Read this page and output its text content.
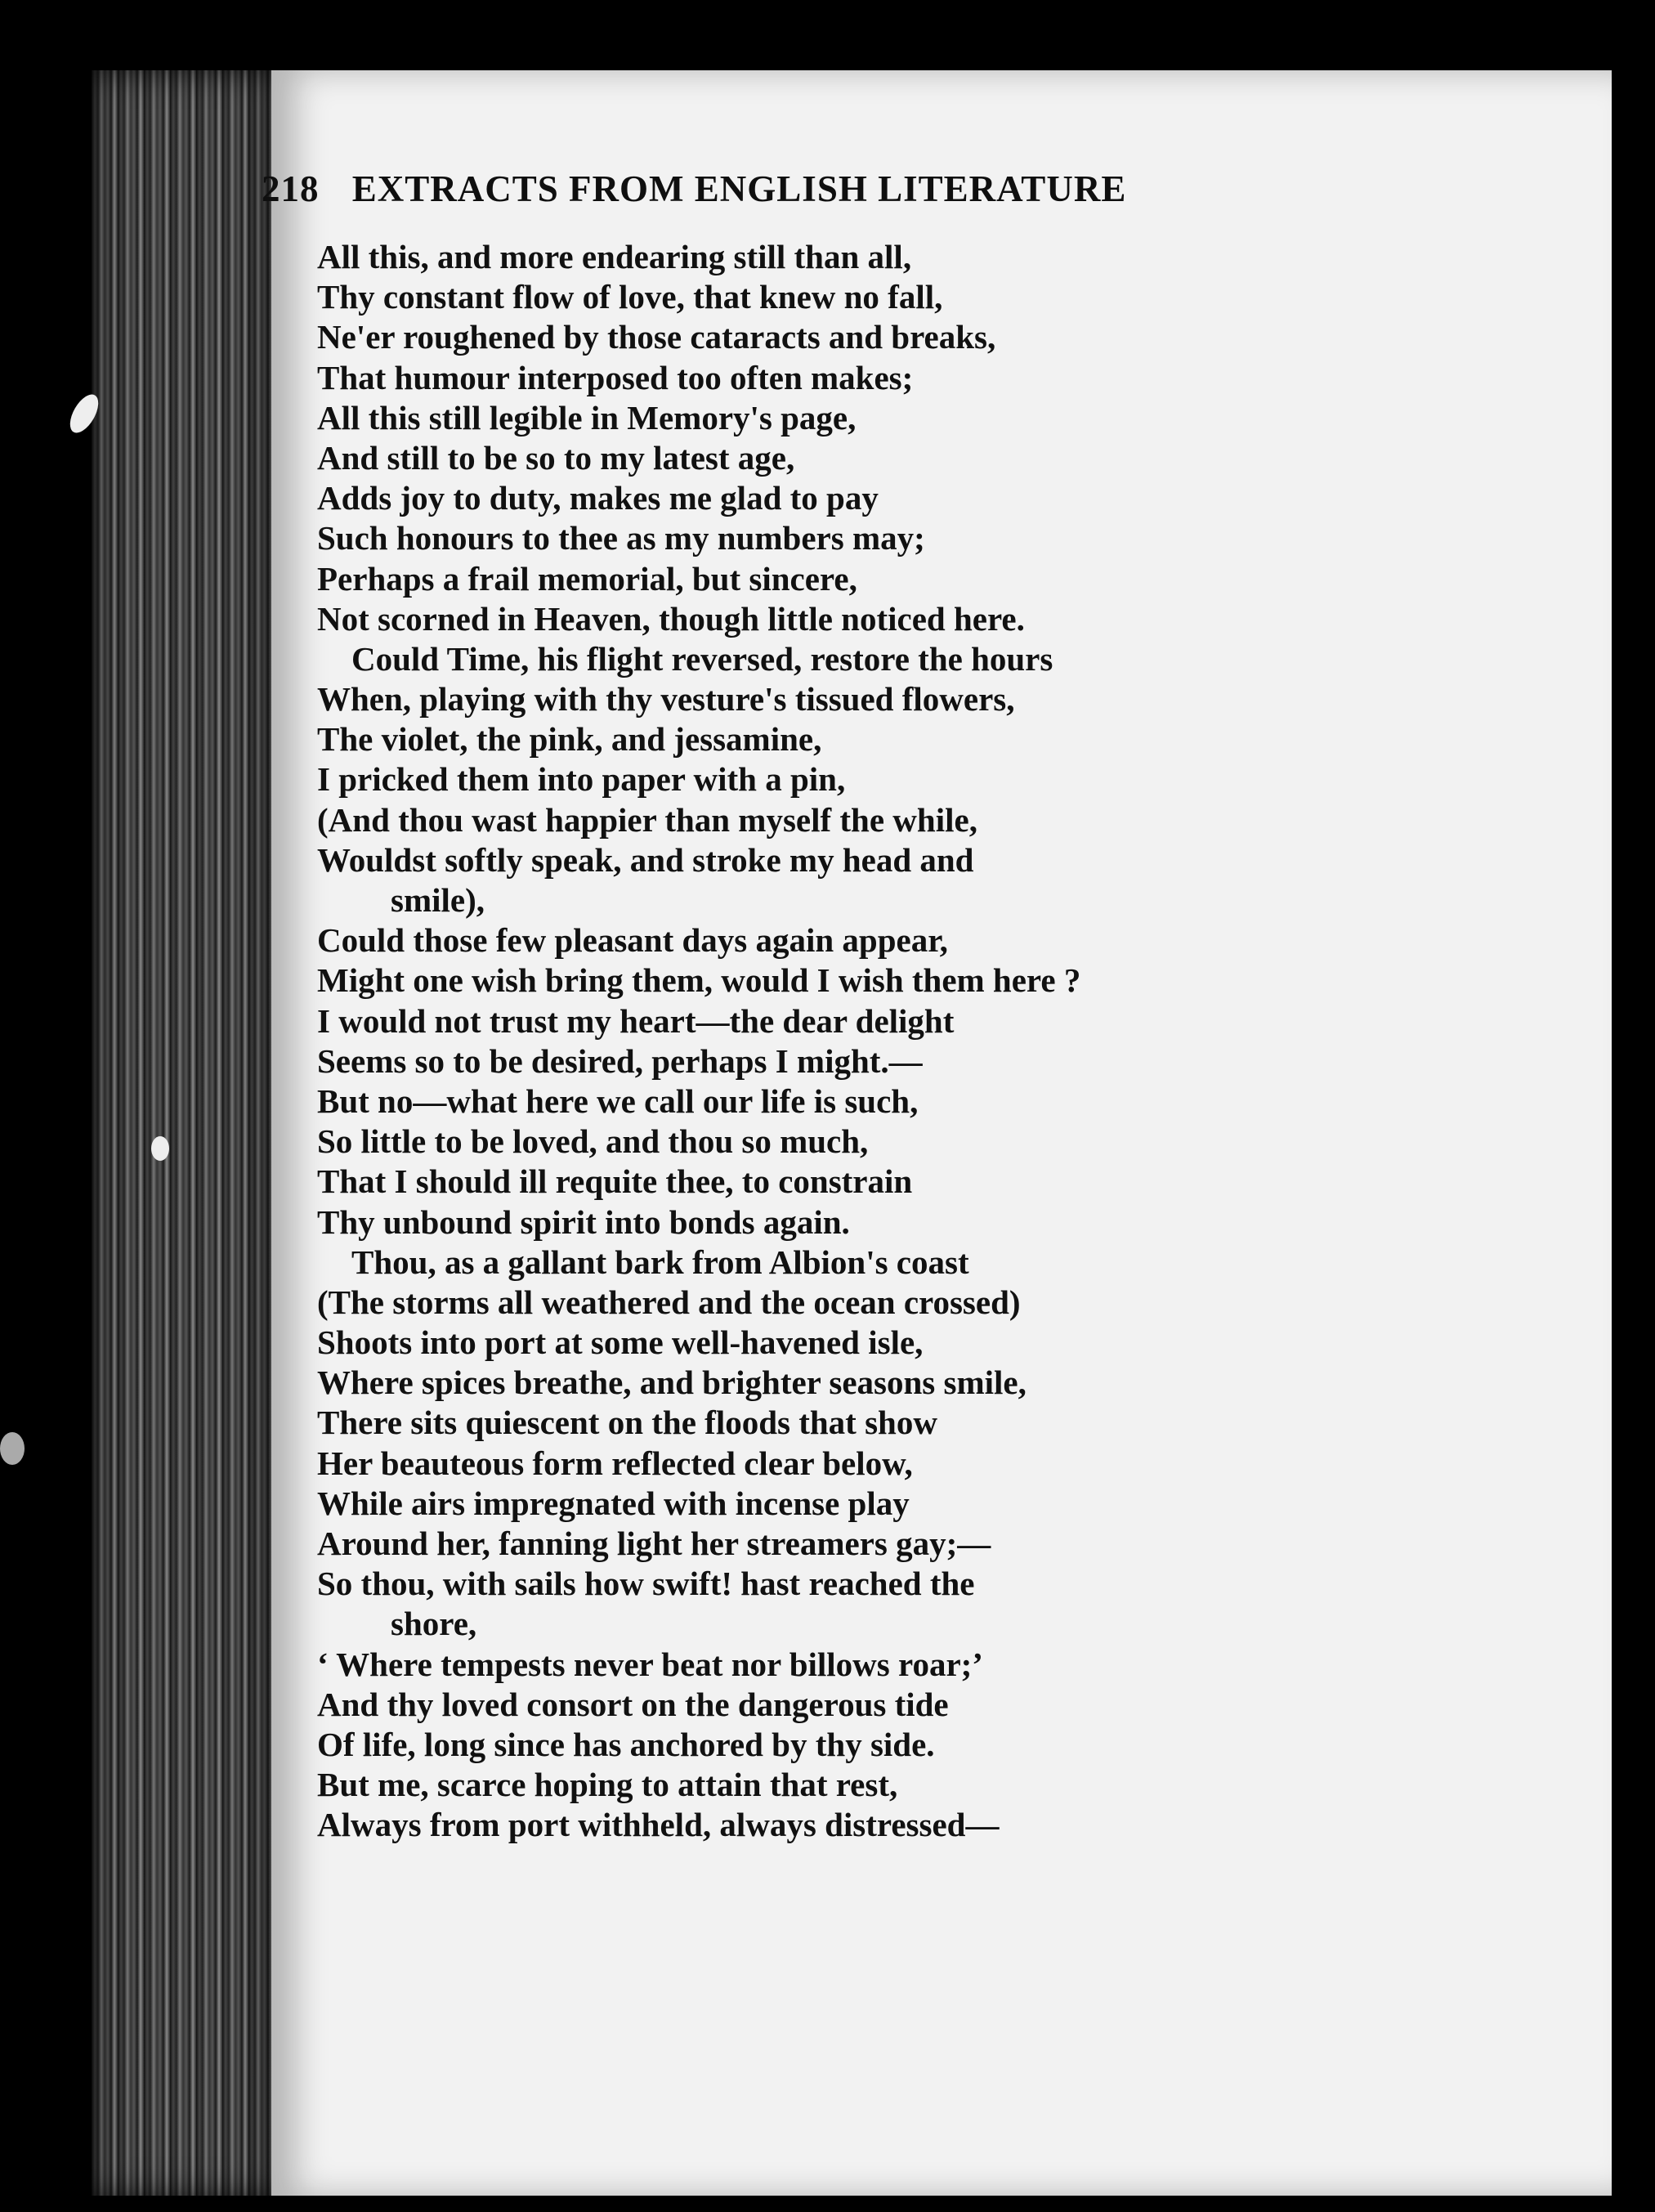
218 EXTRACTS FROM ENGLISH LITERATURE
All this, and more endearing still than all,
Thy constant flow of love, that knew no fall,
Ne'er roughened by those cataracts and breaks,
That humour interposed too often makes;
All this still legible in Memory's page,
And still to be so to my latest age,
Adds joy to duty, makes me glad to pay
Such honours to thee as my numbers may;
Perhaps a frail memorial, but sincere,
Not scorned in Heaven, though little noticed here.
Could Time, his flight reversed, restore the hours
When, playing with thy vesture's tissued flowers,
The violet, the pink, and jessamine,
I pricked them into paper with a pin,
(And thou wast happier than myself the while,
Wouldst softly speak, and stroke my head and
smile),
Could those few pleasant days again appear,
Might one wish bring them, would I wish them here ?
I would not trust my heart—the dear delight
Seems so to be desired, perhaps I might.—
But no—what here we call our life is such,
So little to be loved, and thou so much,
That I should ill requite thee, to constrain
Thy unbound spirit into bonds again.
Thou, as a gallant bark from Albion's coast
(The storms all weathered and the ocean crossed)
Shoots into port at some well-havened isle,
Where spices breathe, and brighter seasons smile,
There sits quiescent on the floods that show
Her beauteous form reflected clear below,
While airs impregnated with incense play
Around her, fanning light her streamers gay;—
So thou, with sails how swift! hast reached the
shore,
‘ Where tempests never beat nor billows roar;’
And thy loved consort on the dangerous tide
Of life, long since has anchored by thy side.
But me, scarce hoping to attain that rest,
Always from port withheld, always distressed—
